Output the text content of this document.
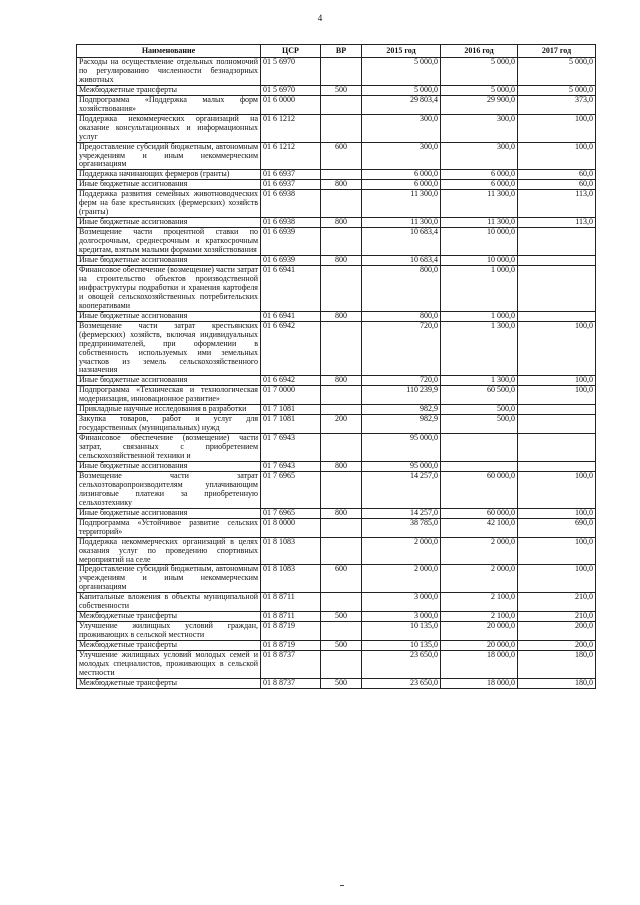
4
Наименование	ЦСР	ВР	2015 год	2016 год	2017 год
Расходы на осуществление отдельных полномочий по регулированию численности безнадзорных животных	01 5 6970		5 000,0	5 000,0	5 000,0
Межбюджетные трансферты	01 5 6970	500	5 000,0	5 000,0	5 000,0
Подпрограмма «Поддержка малых форм хозяйствования»	01 6 0000		29 803,4	29 900,0	373,0
Поддержка некоммерческих организаций на оказание консультационных и информационных услуг	01 6 1212		300,0	300,0	100,0
Предоставление субсидий бюджетным, автономным учреждениям и иным некоммерческим организациям	01 6 1212	600	300,0	300,0	100,0
Поддержка начинающих фермеров (гранты)	01 6 6937		6 000,0	6 000,0	60,0
Иные бюджетные ассигнования	01 6 6937	800	6 000,0	6 000,0	60,0
Поддержка развития семейных животноводческих ферм на базе крестьянских (фермерских) хозяйств (гранты)	01 6 6938		11 300,0	11 300,0	113,0
Иные бюджетные ассигнования	01 6 6938	800	11 300,0	11 300,0	113,0
Возмещение части процентной ставки по долгосрочным, среднесрочным и краткосрочным кредитам, взятым малыми формами хозяйствования	01 6 6939		10 683,4	10 000,0	
Иные бюджетные ассигнования	01 6 6939	800	10 683,4	10 000,0	
Финансовое обеспечение (возмещение) части затрат на строительство объектов производственной инфраструктуры подработки и хранения картофеля и овощей сельскохозяйственных потребительских кооперативами	01 6 6941		800,0	1 000,0	
Иные бюджетные ассигнования	01 6 6941	800	800,0	1 000,0	
Возмещение части затрат крестьянских (фермерских) хозяйств, включая индивидуальных предпринимателей, при оформлении в собственность используемых ими земельных участков из земель сельскохозяйственного назначения	01 6 6942		720,0	1 300,0	100,0
Иные бюджетные ассигнования	01 6 6942	800	720,0	1 300,0	100,0
Подпрограмма «Техническая и технологическая модернизация, инновационное развитие»	01 7 0000		110 239,9	60 500,0	100,0
Прикладные научные исследования в разработки	01 7 1081		982,9	500,0	
Закупка товаров, работ и услуг для государственных (муниципальных) нужд	01 7 1081	200	982,9	500,0	
Финансовое обеспечение (возмещение) части затрат, связанных с приобретением сельскохозяйственной техники и	01 7 6943		95 000,0		
Иные бюджетные ассигнования	01 7 6943	800	95 000,0		
Возмещение части затрат сельхозтоваропроизводителям уплачивающим лизинговые платежи за приобретенную сельхозтехнику	01 7 6965		14 257,0	60 000,0	100,0
Иные бюджетные ассигнования	01 7 6965	800	14 257,0	60 000,0	100,0
Подпрограмма «Устойчивое развитие сельских территорий»	01 8 0000		38 785,0	42 100,0	690,0
Поддержка некоммерческих организаций в целях оказания услуг по проведению спортивных мероприятий на селе	01 8 1083		2 000,0	2 000,0	100,0
Предоставление субсидий бюджетным, автономным учреждениям и иным некоммерческим организациям	01 8 1083	600	2 000,0	2 000,0	100,0
Капитальные вложения в объекты муниципальной собственности	01 8 8711		3 000,0	2 100,0	210,0
Межбюджетные трансферты	01 8 8711	500	3 000,0	2 100,0	210,0
Улучшение жилищных условий граждан, проживающих в сельской местности	01 8 8719		10 135,0	20 000,0	200,0
Межбюджетные трансферты	01 8 8719	500	10 135,0	20 000,0	200,0
Улучшение жилищных условий молодых семей и молодых специалистов, проживающих в сельской местности	01 8 8737		23 650,0	18 000,0	180,0
Межбюджетные трансферты	01 8 8737	500	23 650,0	18 000,0	180,0
